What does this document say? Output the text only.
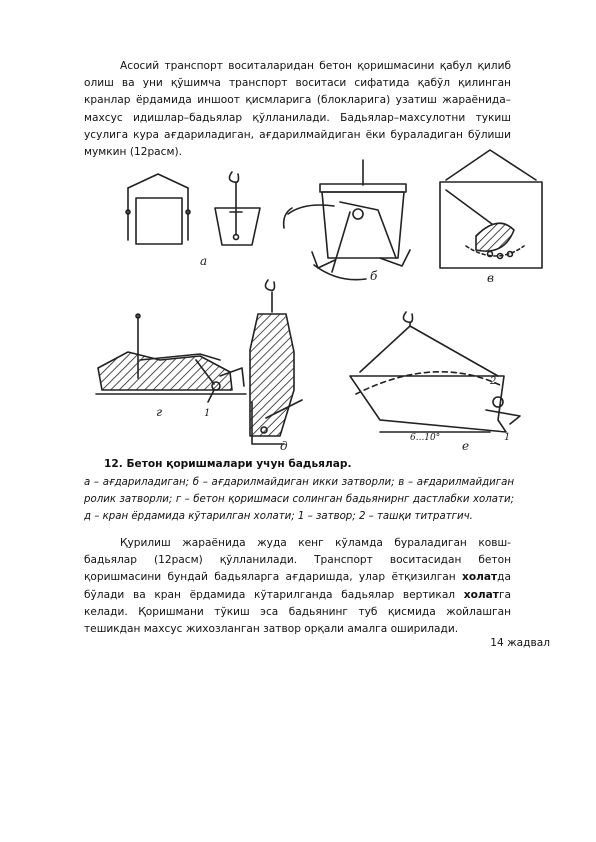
Асосий транспорт воситаларидан бетон қоришмасини қабул қилиб олиш ва уни қўшимча транспорт воситаси сифатида қабўл қилинган кранлар ёрдамида иншоот қисмларига (блокларига) узатиш жараёнида–махсус идишлар–бадьялар қўлланилади. Бадьялар–махсулотни тукиш усулига кура ағдариладиган, ағдарилмайдиган ёки бураладиган бўлиши мумкин (12расм).

а
б	в
г	1
д	е
2
1
6...10°

12. Бетон қоришмалари учун бадьялар.

а – ағдариладиган; б – ағдарилмайдиган икки затворли; в – ағдарилмайдиган ролик затворли; г – бетон қоришмаси солинган бадьянирнг дастлабки холати; д – кран ёрдамида кўтарилган холати; 1 – затвор; 2 – ташқи титратгич.

Қурилиш жараёнида жуда кенг кўламда бураладиган ковш-бадьялар (12расм) қўлланилади. Транспорт воситасидан бетон қоришмасини бундай бадьяларга ағдаришда, улар ётқизилган холатда бўлади ва кран ёрдамида кўтарилганда бадьялар вертикал холатга келади. Қоришмани тўкиш эса бадьянинг туб қисмида жойлашган тешикдан махсус жихозланган затвор орқали амалга оширилади.

14 жадвал
